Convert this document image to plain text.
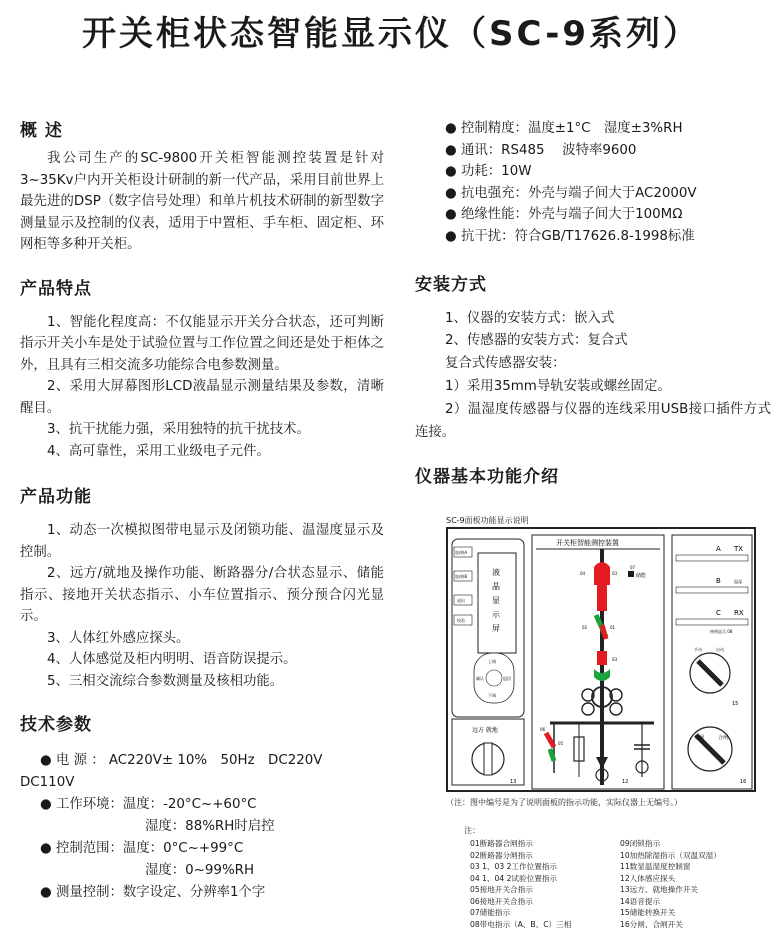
开关柜状态智能显示仪（SC-9系列）
概 述

我公司生产的SC-9800开关柜智能测控装置是针对3~35Kv户内开关柜设计研制的新一代产品，采用目前世界上最先进的DSP（数字信号处理）和单片机技术研制的新型数字测量显示及控制的仪表，适用于中置柜、手车柜、固定柜、环网柜等多种开关柜。

产品特点

1、智能化程度高：不仅能显示开关分合状态，还可判断指示开关小车是处于试验位置与工作位置之间还是处于柜体之外，且具有三相交流多功能综合电参数测量。

2、采用大屏幕图形LCD液晶显示测量结果及参数，清晰醒目。

3、抗干扰能力强，采用独特的抗干扰技术。

4、高可靠性，采用工业级电子元件。

产品功能

1、动态一次模拟图带电显示及闭锁功能、温湿度显示及控制。

2、远方/就地及操作功能、断路器分/合状态显示、储能指示、接地开关状态指示、小车位置指示、预分预合闪光显示。

3、人体红外感应探头。

4、人体感觉及柜内明明、语音防误提示。

5、三相交流综合参数测量及核相功能。

技术参数
● 电 源 ： AC220V± 10%　50Hz　DC220V
DC110V
● 工作环境：温度：-20°C~+60°C
湿度：88%RH时启控
● 控制范围：温度：0°C~+99°C
湿度：0~99%RH
● 测量控制：数字设定、分辨率1个字
● 控制精度：温度±1°C　湿度±3%RH
● 通讯：RS485　 波特率9600
● 功耗：10W
● 抗电强充：外壳与端子间大于AC2000V
● 绝缘性能：外壳与端子间大于100MΩ
● 抗干扰：符合GB/T17626.8-1998标准
安装方式

1、仪器的安装方式：嵌入式

2、传感器的安装方式：复合式

复合式传感器安装：

1）采用35mm导轨安装或螺丝固定。

2）温湿度传感器与仪器的连线采用USB接口插件方式连接。

仪器基本功能介绍
SC-9面板功能显示说明
加/热A
加/热B
退出
校验
液
晶
显
示
屏
上调
下调
确认	返回
远方 就地
13
开关柜智能测控装置
04	03
07
储能
02	01
03
06
05
12
A TX
B	温湿
C RX
核相显示 08
手动	自动
15
分闸	合闸
16
（注：图中编号是为了说明面板的指示功能，实际仪器上无编号。）
注：
01断路器合闸指示
02断路器分闸指示
03 1、03 2工作位置指示
04 1、04 2试验位置指示
05接地开关合指示
06接地开关合指示
07储能指示
08带电指示（A、B、C）三相
09闭锁指示
10加热除湿指示（双温双湿）
11数显温湿度控制窗
12人体感应探头
13远方、就地操作开关
14语音提示
15储能转换开关
16分闸、合闸开关
